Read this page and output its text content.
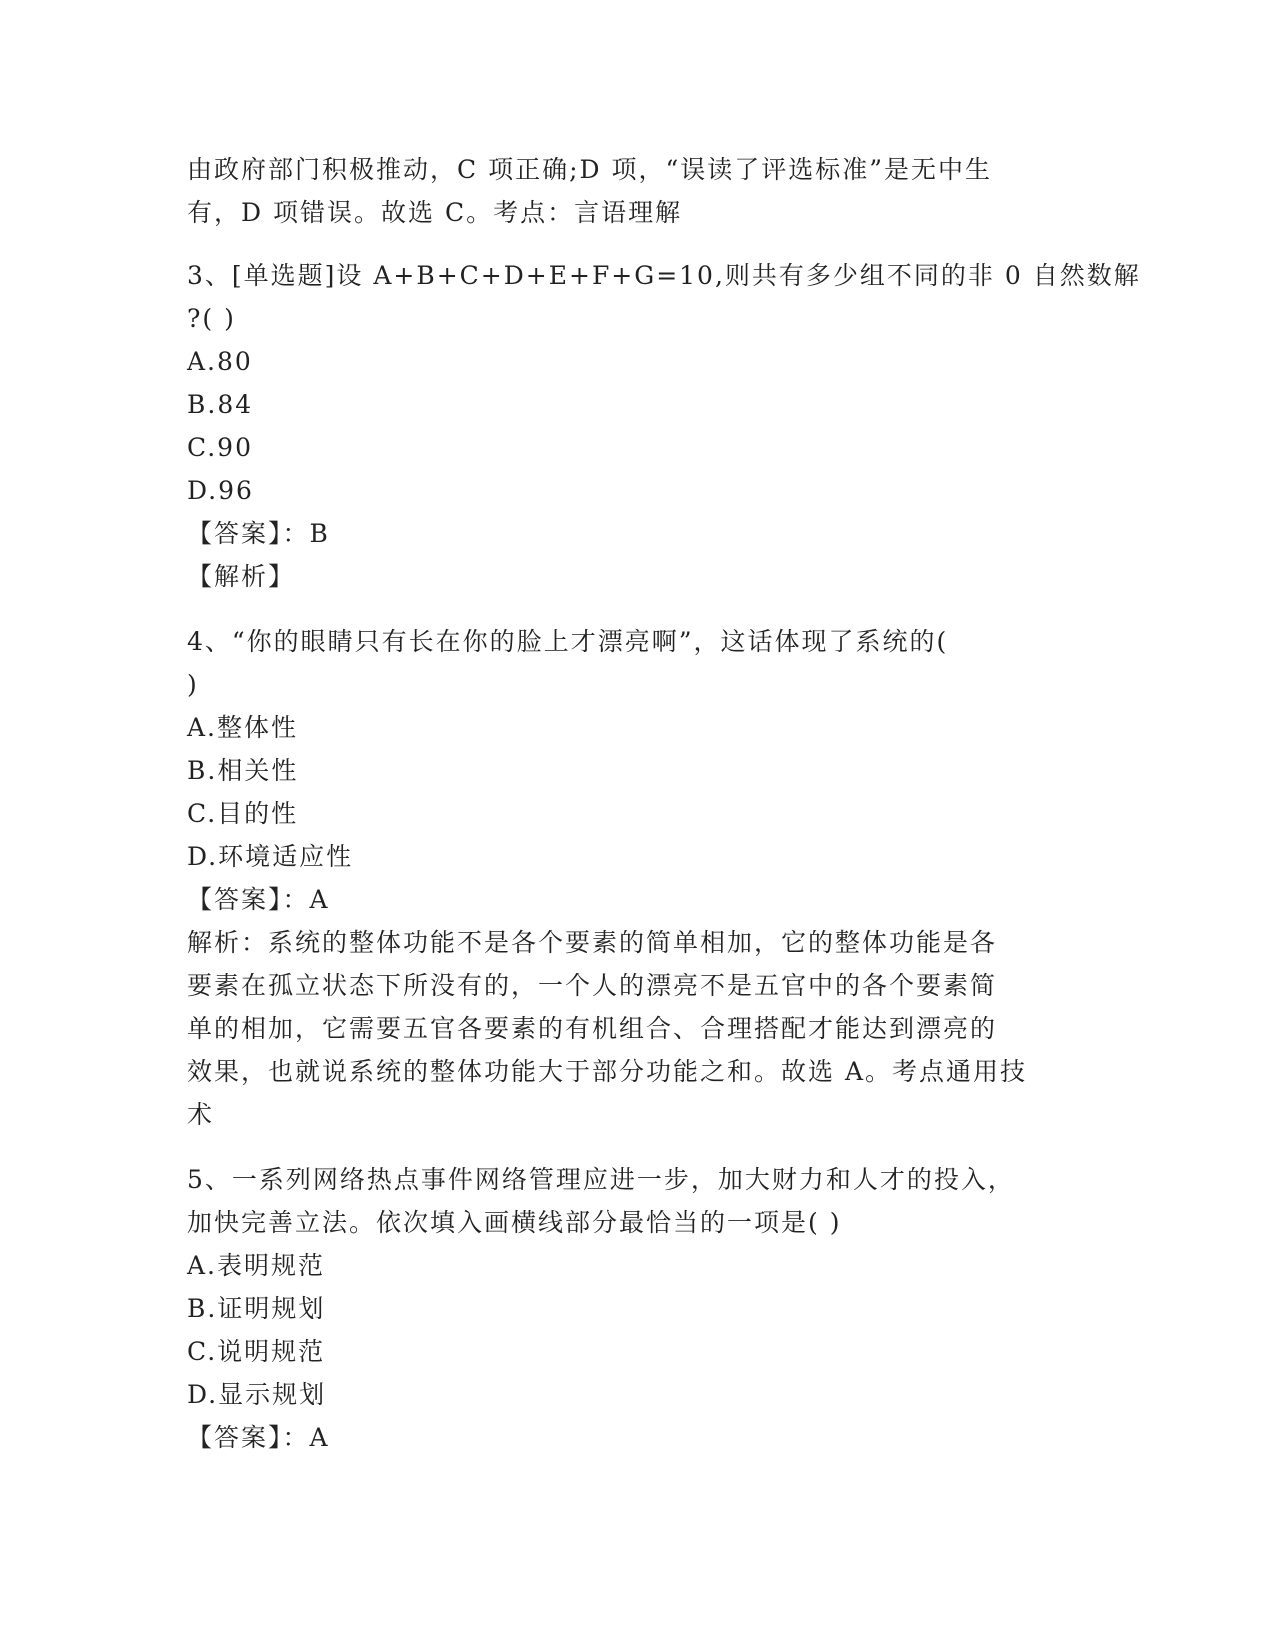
由政府部门积极推动，C 项正确;D 项，“误读了评选标准”是无中生
有，D 项错误。故选 C。考点：言语理解
3、[单选题]设 A+B+C+D+E+F+G=10,则共有多少组不同的非 0 自然数解
?( )
A.80
B.84
C.90
D.96
【答案】：B
【解析】
4、“你的眼睛只有长在你的脸上才漂亮啊”，这话体现了系统的(
)
A.整体性
B.相关性
C.目的性
D.环境适应性
【答案】：A
解析：系统的整体功能不是各个要素的简单相加，它的整体功能是各
要素在孤立状态下所没有的，一个人的漂亮不是五官中的各个要素简
单的相加，它需要五官各要素的有机组合、合理搭配才能达到漂亮的
效果，也就说系统的整体功能大于部分功能之和。故选 A。考点通用技
术
5、一系列网络热点事件网络管理应进一步，加大财力和人才的投入，
加快完善立法。依次填入画横线部分最恰当的一项是( )
A.表明规范
B.证明规划
C.说明规范
D.显示规划
【答案】：A
